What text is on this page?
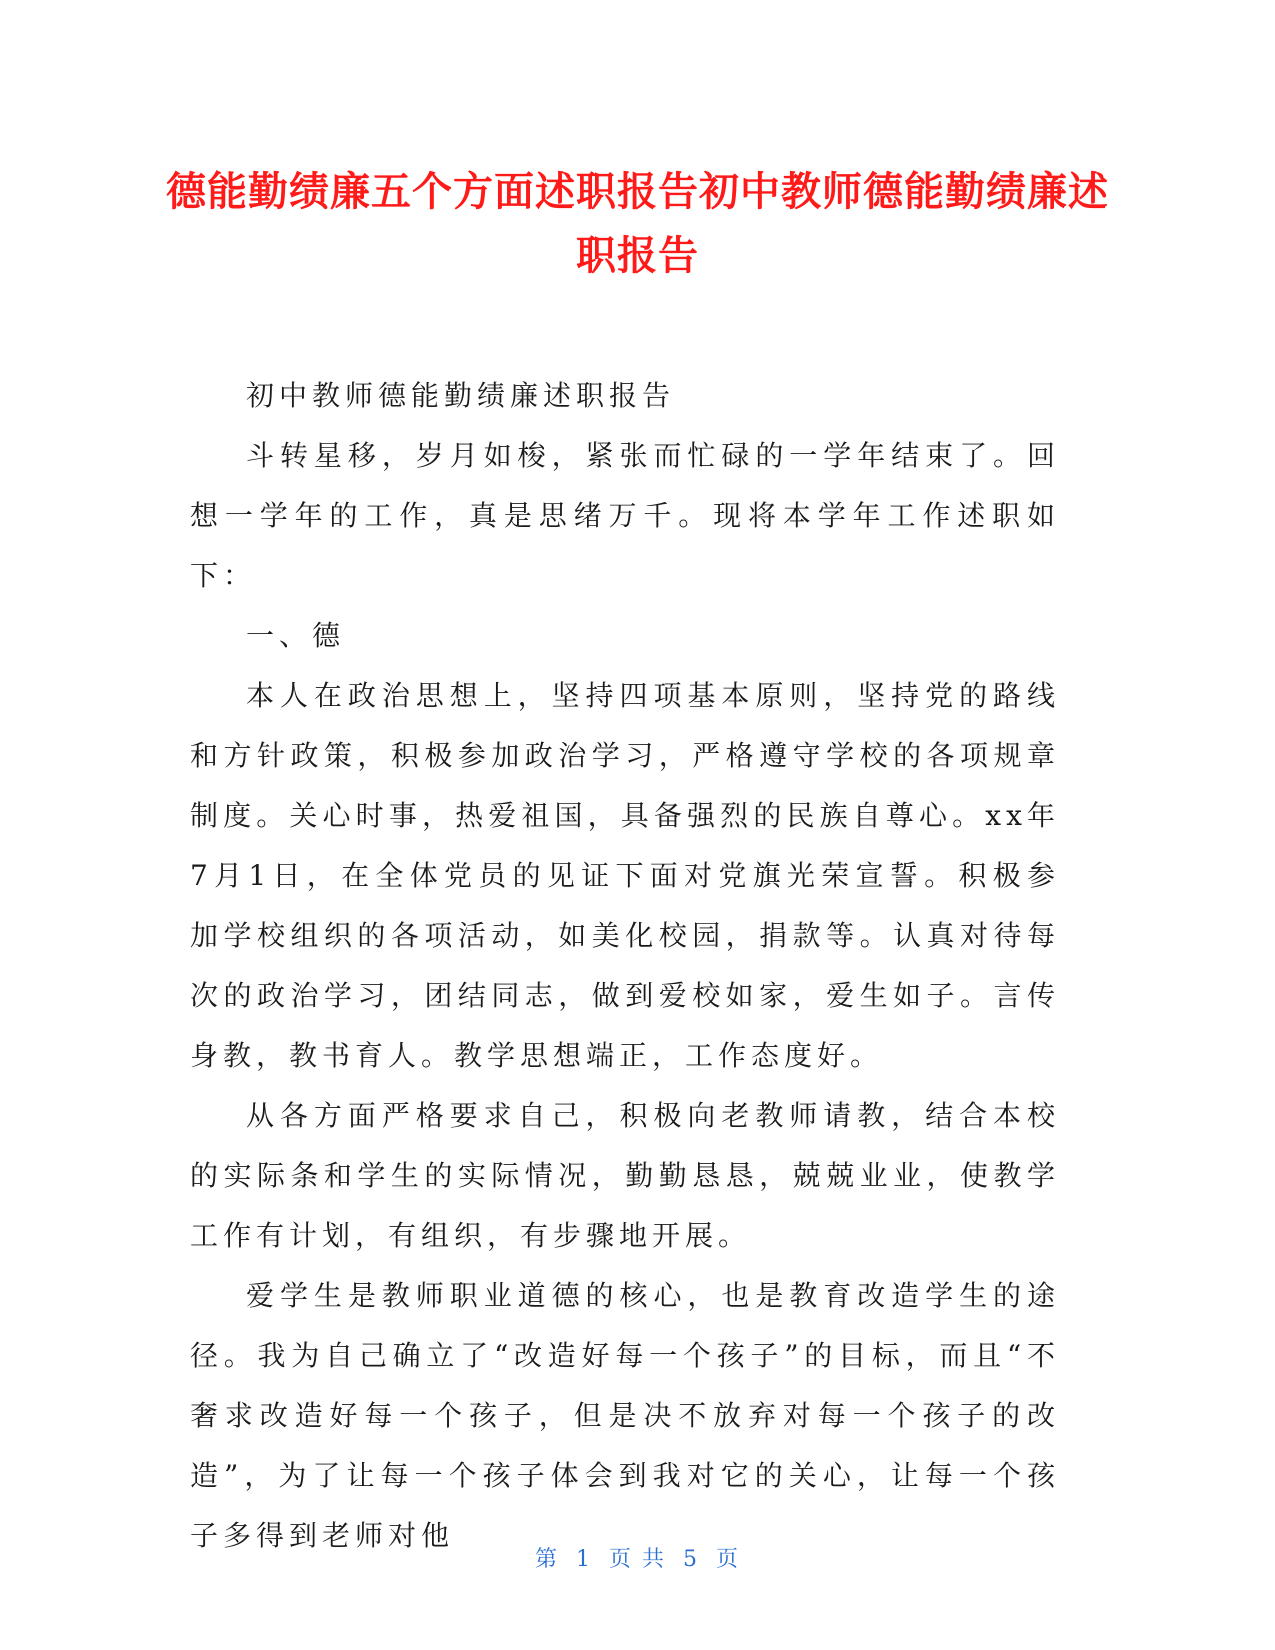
德能勤绩廉五个方面述职报告初中教师德能勤绩廉述职报告

初中教师德能勤绩廉述职报告

斗转星移，岁月如梭，紧张而忙碌的一学年结束了。回想一学年的工作，真是思绪万千。现将本学年工作述职如下：

一、德

本人在政治思想上，坚持四项基本原则，坚持党的路线和方针政策，积极参加政治学习，严格遵守学校的各项规章制度。关心时事，热爱祖国，具备强烈的民族自尊心。xx年7月1日，在全体党员的见证下面对党旗光荣宣誓。积极参加学校组织的各项活动，如美化校园，捐款等。认真对待每次的政治学习，团结同志，做到爱校如家，爱生如子。言传身教，教书育人。教学思想端正，工作态度好。

从各方面严格要求自己，积极向老教师请教，结合本校的实际条和学生的实际情况，勤勤恳恳，兢兢业业，使教学工作有计划，有组织，有步骤地开展。

爱学生是教师职业道德的核心，也是教育改造学生的途径。我为自己确立了“改造好每一个孩子”的目标，而且“不奢求改造好每一个孩子，但是决不放弃对每一个孩子的改造”，为了让每一个孩子体会到我对它的关心，让每一个孩子多得到老师对他

第 1 页 共 5 页
